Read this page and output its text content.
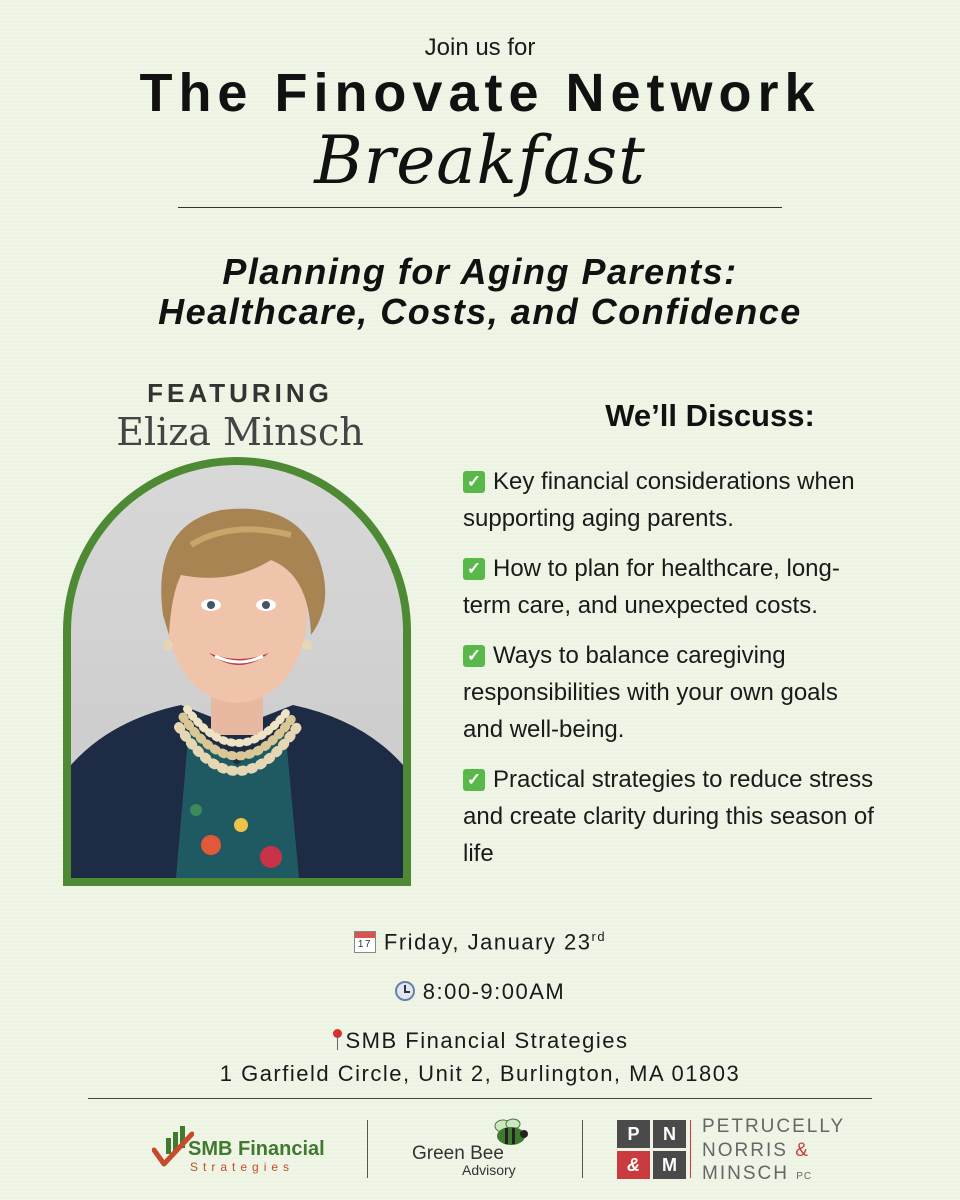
Join us for
The Finovate Network
Breakfast
Planning for Aging Parents:
Healthcare, Costs, and Confidence
FEATURING
Eliza Minsch	We’ll Discuss:
✓ Key financial considerations when
supporting aging parents.
✓ How to plan for healthcare, long-
term care, and unexpected costs.
✓ Ways to balance caregiving
responsibilities with your own goals
and well-being.
✓ Practical strategies to reduce stress
and create clarity during this season of
life
17 Friday, January 23rd
8:00-9:00AM
SMB Financial Strategies
1 Garfield Circle, Unit 2, Burlington, MA 01803
SMB Financial
Strategies
Green Bee
Advisory
P	N
&	M
PETRUCELLY
NORRIS &
MINSCH PC
